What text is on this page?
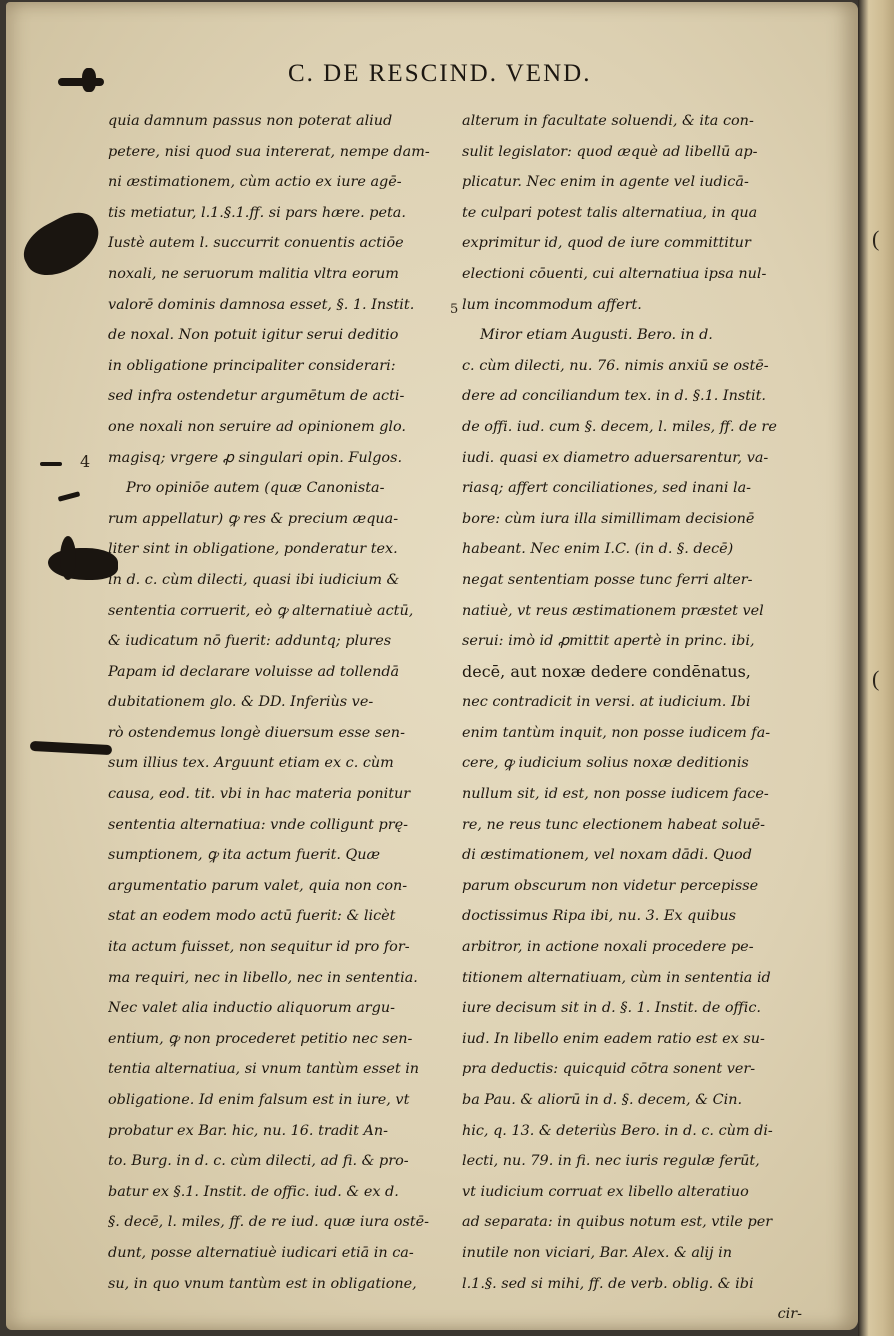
(
(
C. DE RESCIND. VEND.
4
5
quia damnum passus non poterat aliud
petere, nisi quod sua intererat, nempe dam-
ni æstimationem, cùm actio ex iure agē-
tis metiatur, l.1.§.1.ff. si pars hære. peta.
Iustè autem l. succurrit conuentis actiōe
noxali, ne seruorum malitia vltra eorum
valorē dominis damnosa esset, §. 1. Instit.
de noxal. Non potuit igitur serui deditio
in obligatione principaliter considerari:
sed infra ostendetur argumētum de acti-
one noxali non seruire ad opinionem glo.
magisq; vrgere ꝓ singulari opin. Fulgos.
Pro opiniōe autem (quæ Canonista-
rum appellatur) ꝙ res & precium æqua-
liter sint in obligatione, ponderatur tex.
in d. c. cùm dilecti, quasi ibi iudicium &
sententia corruerit, eò ꝙ alternatiuè actū,
& iudicatum nō fuerit: adduntq; plures
Papam id declarare voluisse ad tollendā
dubitationem glo. & DD. Inferiùs ve-
rò ostendemus longè diuersum esse sen-
sum illius tex. Arguunt etiam ex c. cùm
causa, eod. tit. vbi in hac materia ponitur
sententia alternatiua: vnde colligunt prę-
sumptionem, ꝙ ita actum fuerit. Quæ
argumentatio parum valet, quia non con-
stat an eodem modo actū fuerit: & licèt
ita actum fuisset, non sequitur id pro for-
ma requiri, nec in libello, nec in sententia.
Nec valet alia inductio aliquorum argu-
entium, ꝙ non procederet petitio nec sen-
tentia alternatiua, si vnum tantùm esset in
obligatione. Id enim falsum est in iure, vt
probatur ex Bar. hic, nu. 16. tradit An-
to. Burg. in d. c. cùm dilecti, ad fi. & pro-
batur ex §.1. Instit. de offic. iud. & ex d.
§. decē, l. miles, ff. de re iud. quæ iura ostē-
dunt, posse alternatiuè iudicari etiā in ca-
su, in quo vnum tantùm est in obligatione,
alterum in facultate soluendi, & ita con-
sulit legislator: quod æquè ad libellū ap-
plicatur. Nec enim in agente vel iudicā-
te culpari potest talis alternatiua, in qua
exprimitur id, quod de iure committitur
electioni cōuenti, cui alternatiua ipsa nul-
lum incommodum affert.
Miror etiam Augusti. Bero. in d.
c. cùm dilecti, nu. 76. nimis anxiū se ostē-
dere ad conciliandum tex. in d. §.1. Instit.
de offi. iud. cum §. decem, l. miles, ff. de re
iudi. quasi ex diametro aduersarentur, va-
riasq; affert conciliationes, sed inani la-
bore: cùm iura illa simillimam decisionē
habeant. Nec enim I.C. (in d. §. decē)
negat sententiam posse tunc ferri alter-
natiuè, vt reus æstimationem præstet vel
serui: imò id ꝓmittit apertè in princ. ibi,
decē, aut noxæ dedere condēnatus,
nec contradicit in versi. at iudicium. Ibi
enim tantùm inquit, non posse iudicem fa-
cere, ꝙ iudicium solius noxæ deditionis
nullum sit, id est, non posse iudicem face-
re, ne reus tunc electionem habeat soluē-
di æstimationem, vel noxam dādi. Quod
parum obscurum non videtur percepisse
doctissimus Ripa ibi, nu. 3. Ex quibus
arbitror, in actione noxali procedere pe-
titionem alternatiuam, cùm in sententia id
iure decisum sit in d. §. 1. Instit. de offic.
iud. In libello enim eadem ratio est ex su-
pra deductis: quicquid cōtra sonent ver-
ba Pau. & aliorū in d. §. decem, & Cin.
hic, q. 13. & deteriùs Bero. in d. c. cùm di-
lecti, nu. 79. in fi. nec iuris regulæ ferūt,
vt iudicium corruat ex libello alteratiuo
ad separata: in quibus notum est, vtile per
inutile non viciari, Bar. Alex. & alij in
l.1.§. sed si mihi, ff. de verb. oblig. & ibi
cir-
